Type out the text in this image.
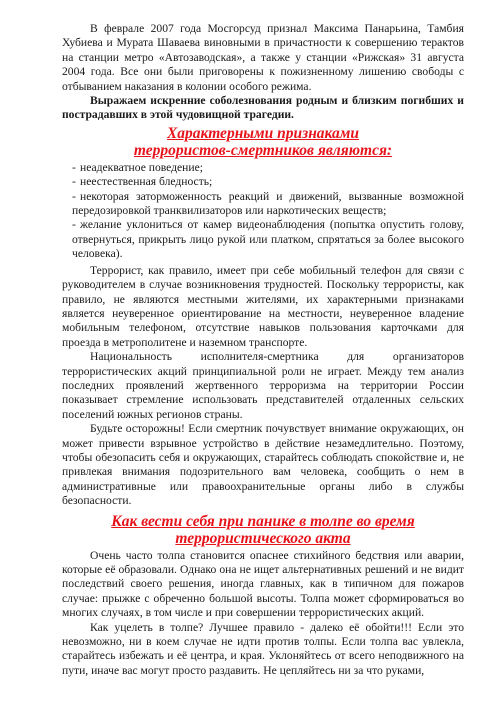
В феврале 2007 года Мосгорсуд признал Максима Панарьина, Тамбия Хубиева и Мурата Шаваева виновными в причастности к совершению терактов на станции метро «Автозаводская», а также у станции «Рижская» 31 августа 2004 года. Все они были приговорены к пожизненному лишению свободы с отбыванием наказания в колонии особого режима.

Выражаем искренние соболезнования родным и близким погибших и пострадавших в этой чудовищной трагедии.

Характерными признаками
террористов-смертников являются:

- неадекватное поведение;

- неестественная бледность;

- некоторая заторможенность реакций и движений, вызванные возможной передозировкой транквилизаторов или наркотических веществ;

- желание уклониться от камер видеонаблюдения (попытка опустить голову, отвернуться, прикрыть лицо рукой или платком, спрятаться за более высокого человека).

Террорист, как правило, имеет при себе мобильный телефон для связи с руководителем в случае возникновения трудностей. Поскольку террористы, как правило, не являются местными жителями, их характерными признаками является неуверенное ориентирование на местности, неуверенное владение мобильным телефоном, отсутствие навыков пользования карточками для проезда в метрополитене и наземном транспорте.

Национальность исполнителя-смертника для организаторов террористических акций принципиальной роли не играет. Между тем анализ последних проявлений жертвенного терроризма на территории России показывает стремление использовать представителей отдаленных сельских поселений южных регионов страны.

Будьте осторожны! Если смертник почувствует внимание окружающих, он может привести взрывное устройство в действие незамедлительно. Поэтому, чтобы обезопасить себя и окружающих, старайтесь соблюдать спокойствие и, не привлекая внимания подозрительного вам человека, сообщить о нем в административные или правоохранительные органы либо в службы безопасности.

Как вести себя при панике в толпе во время
террористического акта

Очень часто толпа становится опаснее стихийного бедствия или аварии, которые её образовали. Однако она не ищет альтернативных решений и не видит последствий своего решения, иногда главных, как в типичном для пожаров случае: прыжке с обреченно большой высоты. Толпа может сформироваться во многих случаях, в том числе и при совершении террористических акций.

Как уцелеть в толпе? Лучшее правило - далеко её обойти!!! Если это невозможно, ни в коем случае не идти против толпы. Если толпа вас увлекла, старайтесь избежать и её центра, и края. Уклоняйтесь от всего неподвижного на пути, иначе вас могут просто раздавить. Не цепляйтесь ни за что руками,
